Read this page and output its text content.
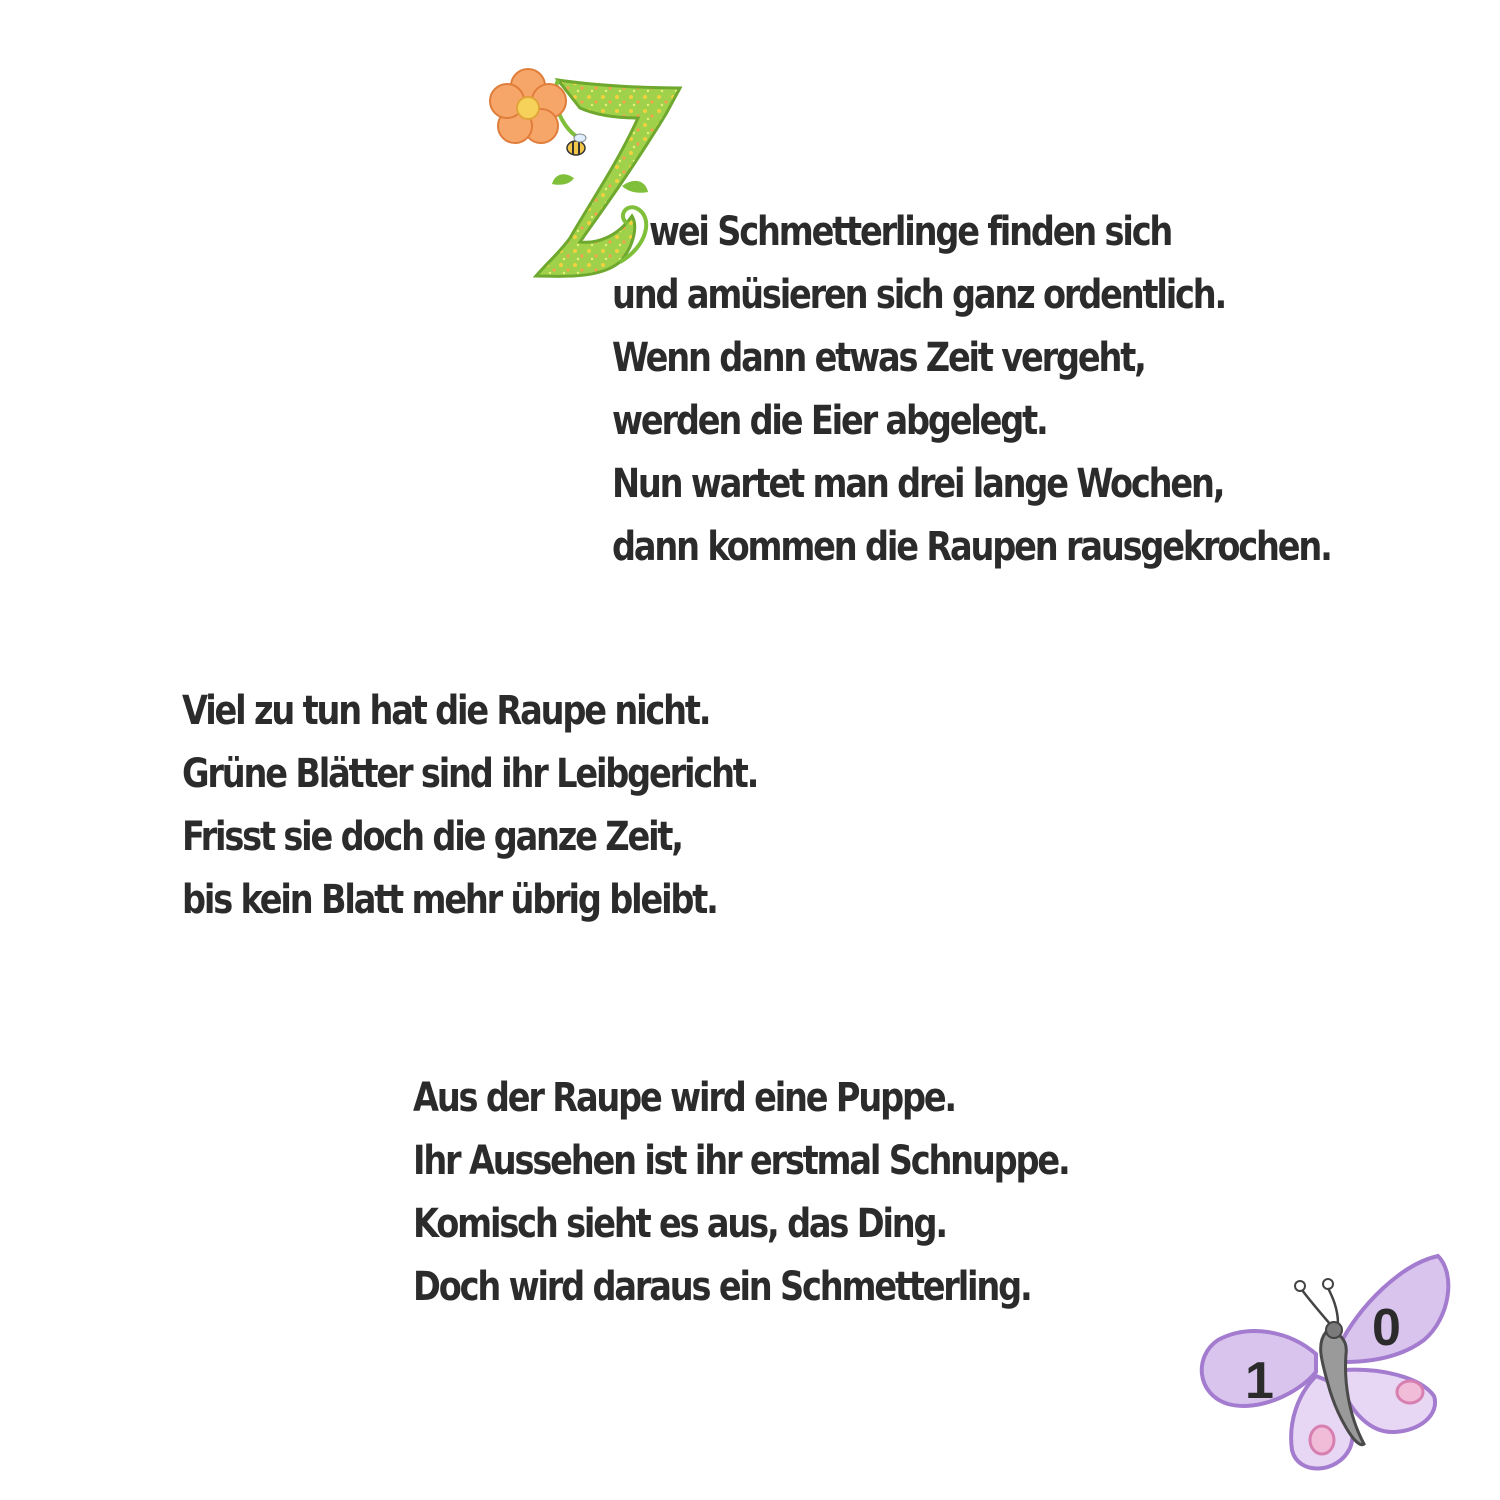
wei Schmetterlinge finden sich
und amüsieren sich ganz ordentlich.
Wenn dann etwas Zeit vergeht,
werden die Eier abgelegt.
Nun wartet man drei lange Wochen,
dann kommen die Raupen rausgekrochen.
Viel zu tun hat die Raupe nicht.
Grüne Blätter sind ihr Leibgericht.
Frisst sie doch die ganze Zeit,
bis kein Blatt mehr übrig bleibt.
Aus der Raupe wird eine Puppe.
Ihr Aussehen ist ihr erstmal Schnuppe.
Komisch sieht es aus, das Ding.
Doch wird daraus ein Schmetterling.
1
0
